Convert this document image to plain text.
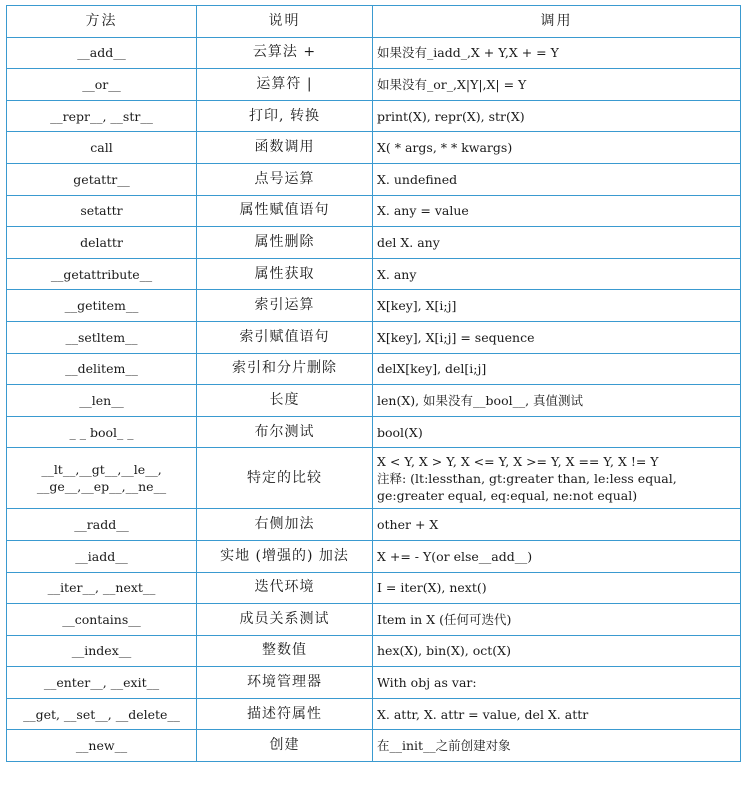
方法	说明	调用

__add__	云算法 +	如果没有_iadd_,X + Y,X + = Y

__or__	运算符 |	如果没有_or_,X|Y|,X| = Y

__repr__, __str__	打印, 转换	print(X), repr(X), str(X)

call	函数调用	X( * args, * * kwargs)

getattr__	点号运算	X. undefined

setattr	属性赋值语句	X. any = value

delattr	属性删除	del X. any

__getattribute__	属性获取	X. any

__getitem__	索引运算	X[key], X[i;j]

__setltem__	索引赋值语句	X[key], X[i;j] = sequence

__delitem__	索引和分片删除	delX[key], del[i;j]

__len__	长度	len(X), 如果没有__bool__, 真值测试

_ _ bool_ _	布尔测试	bool(X)

__lt__,__gt__,__le__,
__ge__,__ep__,__ne__	特定的比较	X < Y, X > Y, X <= Y, X >= Y, X == Y, X != Y
注释: (lt:lessthan, gt:greater than, le:less equal,
ge:greater equal, eq:equal, ne:not equal)

__radd__	右侧加法	other + X

__iadd__	实地 (增强的) 加法	X += - Y(or else__add__)

__iter__, __next__	迭代环境	I = iter(X), next()

__contains__	成员关系测试	Item in X (任何可迭代)

__index__	整数值	hex(X), bin(X), oct(X)

__enter__, __exit__	环境管理器	With obj as var:

__get, __set__, __delete__	描述符属性	X. attr, X. attr = value, del X. attr

__new__	创建	在__init__之前创建对象
